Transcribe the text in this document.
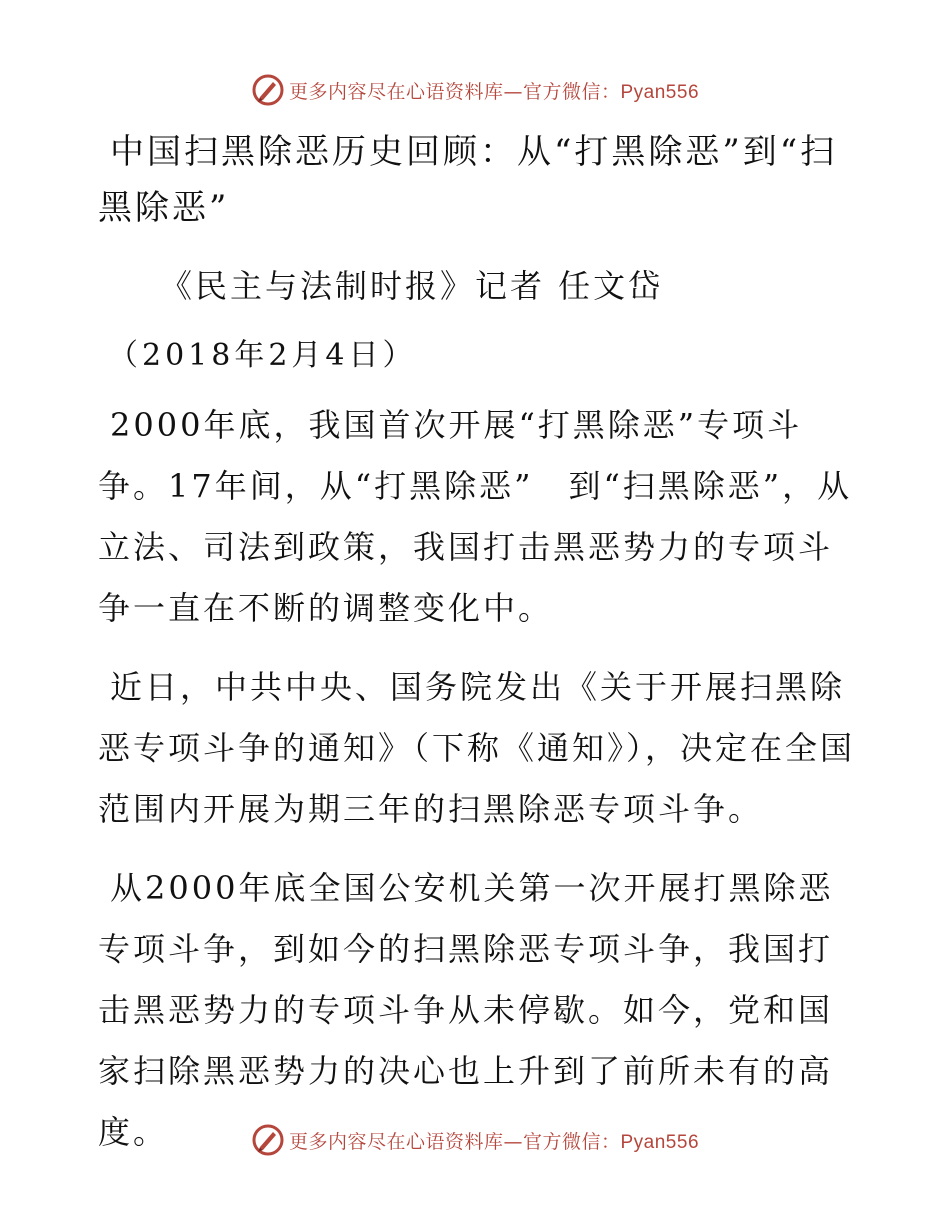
更多内容尽在心语资料库—官方微信：Pyan556

中国扫黑除恶历史回顾：从“打黑除恶”到“扫黑除恶”

《民主与法制时报》记者 任文岱

（2018年2月4日）

2000年底，我国首次开展“打黑除恶”专项斗争。17年间，从“打黑除恶”　到“扫黑除恶”，从立法、司法到政策，我国打击黑恶势力的专项斗争一直在不断的调整变化中。

近日，中共中央、国务院发出《关于开展扫黑除恶专项斗争的通知》（下称《通知》），决定在全国范围内开展为期三年的扫黑除恶专项斗争。

从2000年底全国公安机关第一次开展打黑除恶专项斗争，到如今的扫黑除恶专项斗争，我国打击黑恶势力的专项斗争从未停歇。如今，党和国家扫除黑恶势力的决心也上升到了前所未有的高度。	更多内容尽在心语资料库—官方微信：Pyan556
